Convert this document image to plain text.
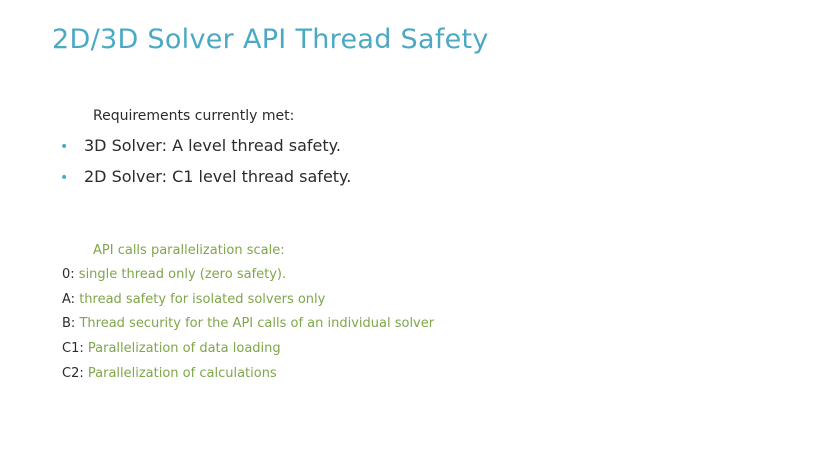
2D/3D Solver API Thread Safety
Requirements currently met:
• 3D Solver: A level thread safety.
• 2D Solver: C1 level thread safety.
API calls parallelization scale:
0: single thread only (zero safety).
A: thread safety for isolated solvers only
B: Thread security for the API calls of an individual solver
C1: Parallelization of data loading
C2: Parallelization of calculations
